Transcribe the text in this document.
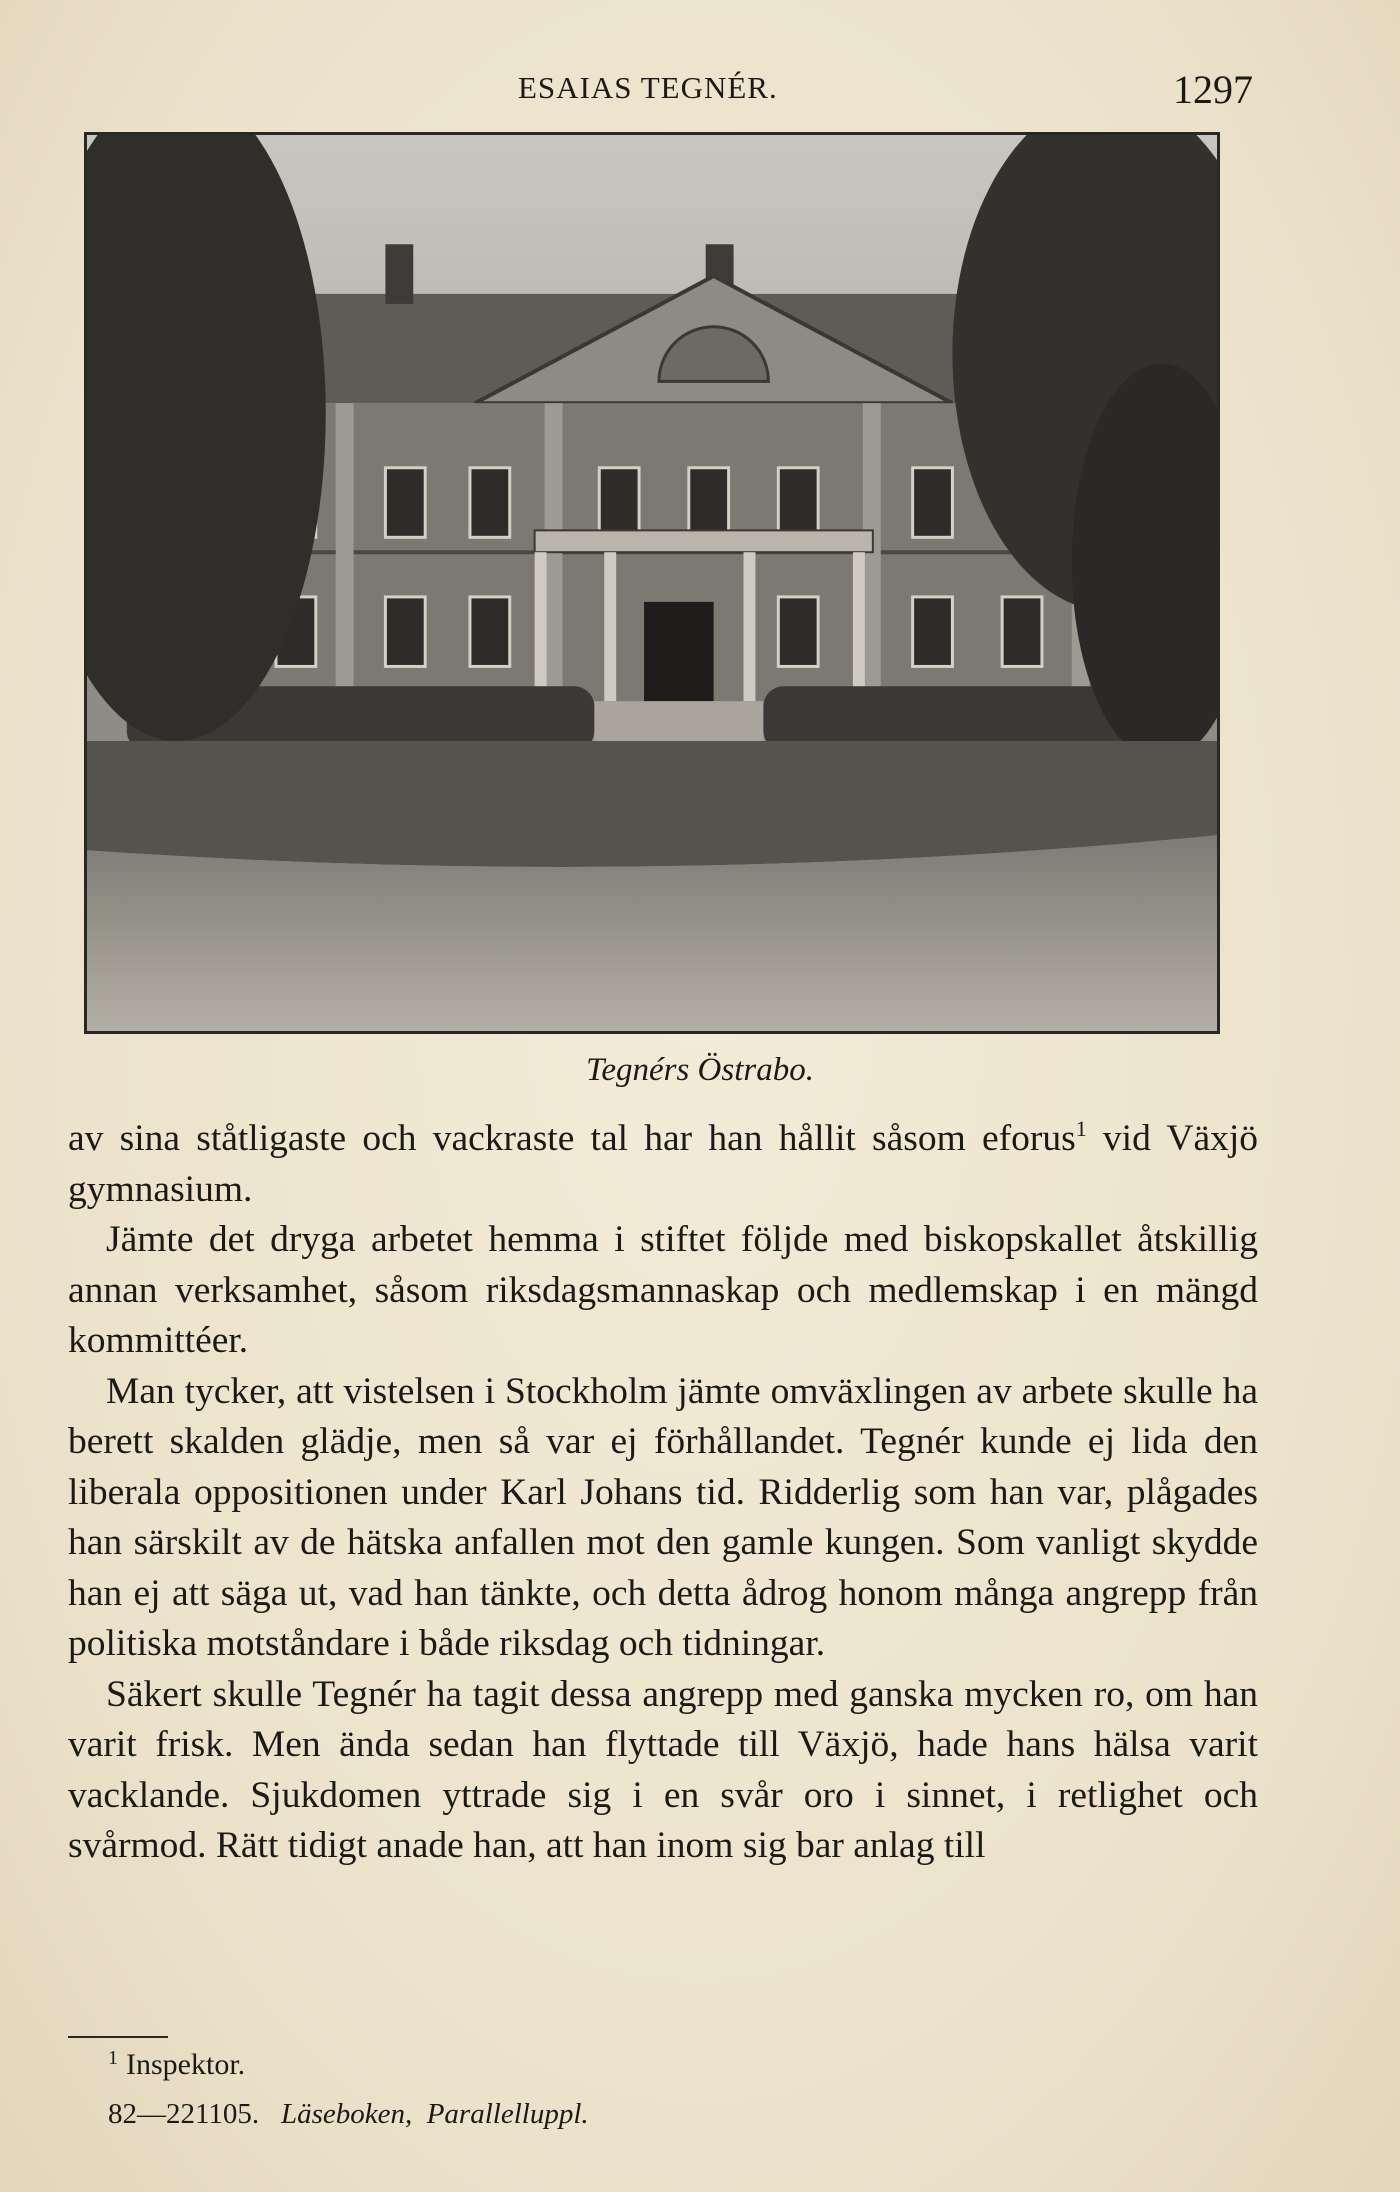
ESAIAS TEGNÉR.	1297
Tegnérs Östrabo.

av sina ståtligaste och vackraste tal har han hållit såsom eforus$^1$ vid Växjö gymnasium.

Jämte det dryga arbetet hemma i stiftet följde med biskopskallet åtskillig annan verksamhet, såsom riksdagsmannaskap och medlemskap i en mängd kommittéer.

Man tycker, att vistelsen i Stockholm jämte omväxlingen av arbete skulle ha berett skalden glädje, men så var ej förhållandet. Tegnér kunde ej lida den liberala oppositionen under Karl Johans tid. Ridderlig som han var, plågades han särskilt av de hätska anfallen mot den gamle kungen. Som vanligt skydde han ej att säga ut, vad han tänkte, och detta ådrog honom många angrepp från politiska motståndare i både riksdag och tidningar.

Säkert skulle Tegnér ha tagit dessa angrepp med ganska mycken ro, om han varit frisk. Men ända sedan han flyttade till Växjö, hade hans hälsa varit vacklande. Sjukdomen yttrade sig i en svår oro i sinnet, i retlighet och svårmod. Rätt tidigt anade han, att han inom sig bar anlag till

$^1$ Inspektor.
82—221105. Läseboken, Parallelluppl.
